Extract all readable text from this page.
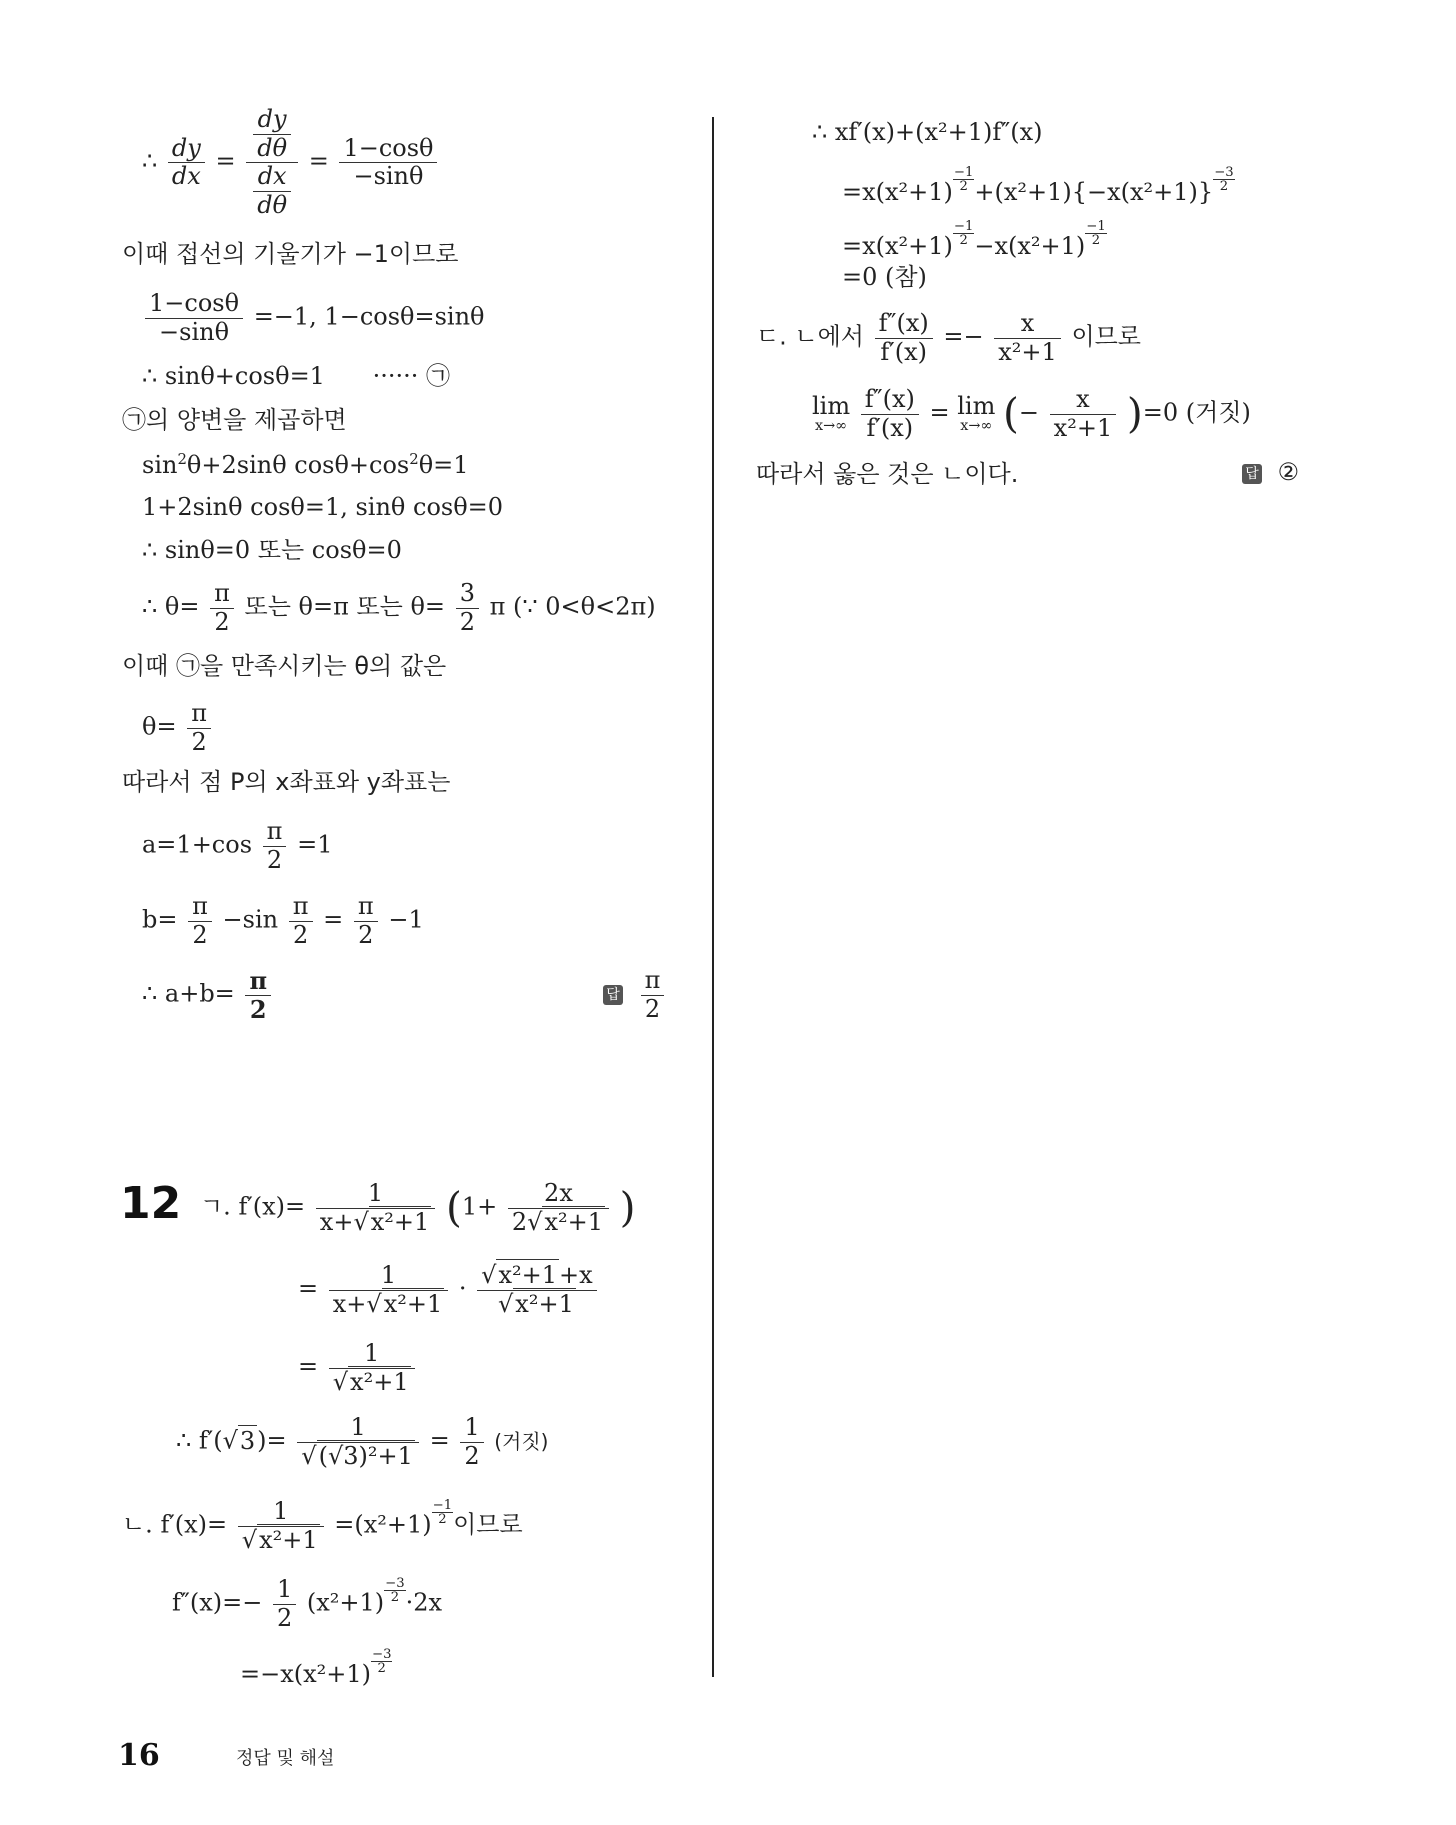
∴ $\frac{dy}{dx} = \frac{\frac{dy}{d\theta}}{\frac{dx}{d\theta}} = \frac{1-\cos\theta}{-\sin\theta}$
이때 접선의 기울기가 −1이므로
$\frac{1-\cos\theta}{-\sin\theta} =-1$, 1−cosθ=sinθ
∴ sinθ+cosθ=1 ······ ㉠
㉠의 양변을 제곱하면
$\sin^2\theta+2\sin\theta$ $\cos\theta+\cos^2\theta=1$
1+2sinθ cosθ=1, sinθ cosθ=0
∴ sinθ=0 또는 cosθ=0
∴ $\theta= \frac{\pi}{2}$ 또는 θ=π 또는 $\theta= \frac{3}{2}$ π (∵ 0<θ<2π)
이때 ㉠을 만족시키는 θ의 값은
$\theta= \frac{\pi}{2}$
따라서 점 P의 x좌표와 y좌표는
$a=1+\cos \frac{\pi}{2} =1$
$b= \frac{\pi}{2} -\sin \frac{\pi}{2} = \frac{\pi}{2} -1$
∴ $a+b= \frac{\pi}{2}$	답 $\frac{\pi}{2}$
12 ㄱ. $f'(x)= \frac{1}{\text{x+√x²+1}} (1+ \frac{2x}{\text{2√x²+1}}$ )
= $\frac{1}{\text{x+√x²+1}} \cdot \frac{\text{√x²+1+x}}{\text{√x²+1}}$
= $\frac{1}{\text{√x²+1}}$
∴ $f'(√3)= \frac{1}{\text{√(√3)²+1}} = \frac{1}{2}$ (거짓)
ㄴ. $f'(x)= \frac{1}{\text{√x²+1}} =(x^2+1) \frac{-1}{2}$ 이므로
$f''(x)=- \frac{1}{2} (x^2+1) \frac{-3}{2} \cdot 2x$
$=-x(x^2+1) \frac{-3}{2}$
∴ xf′(x)+(x²+1)f″(x)
$=x(x^2+1) \frac{-1}{2} +(x^2+1)\{-x(x^2+1)\} \frac{-3}{2}$
$=x(x^2+1) \frac{-1}{2} -x(x^2+1) \frac{-1}{2}$
=0 (참)
ㄷ. ㄴ에서 $\frac{f''(x)}{f'(x)} =- \frac{x}{\text{x²+1}}$ 이므로
lim
x→∞
$\frac{f''(x)}{f'(x)} = \lim$
x→∞ (− $\frac{x}{\text{x²+1}} )=0$ (거짓)
따라서 옳은 것은 ㄴ이다.	답 ②
16	정답 및 해설
